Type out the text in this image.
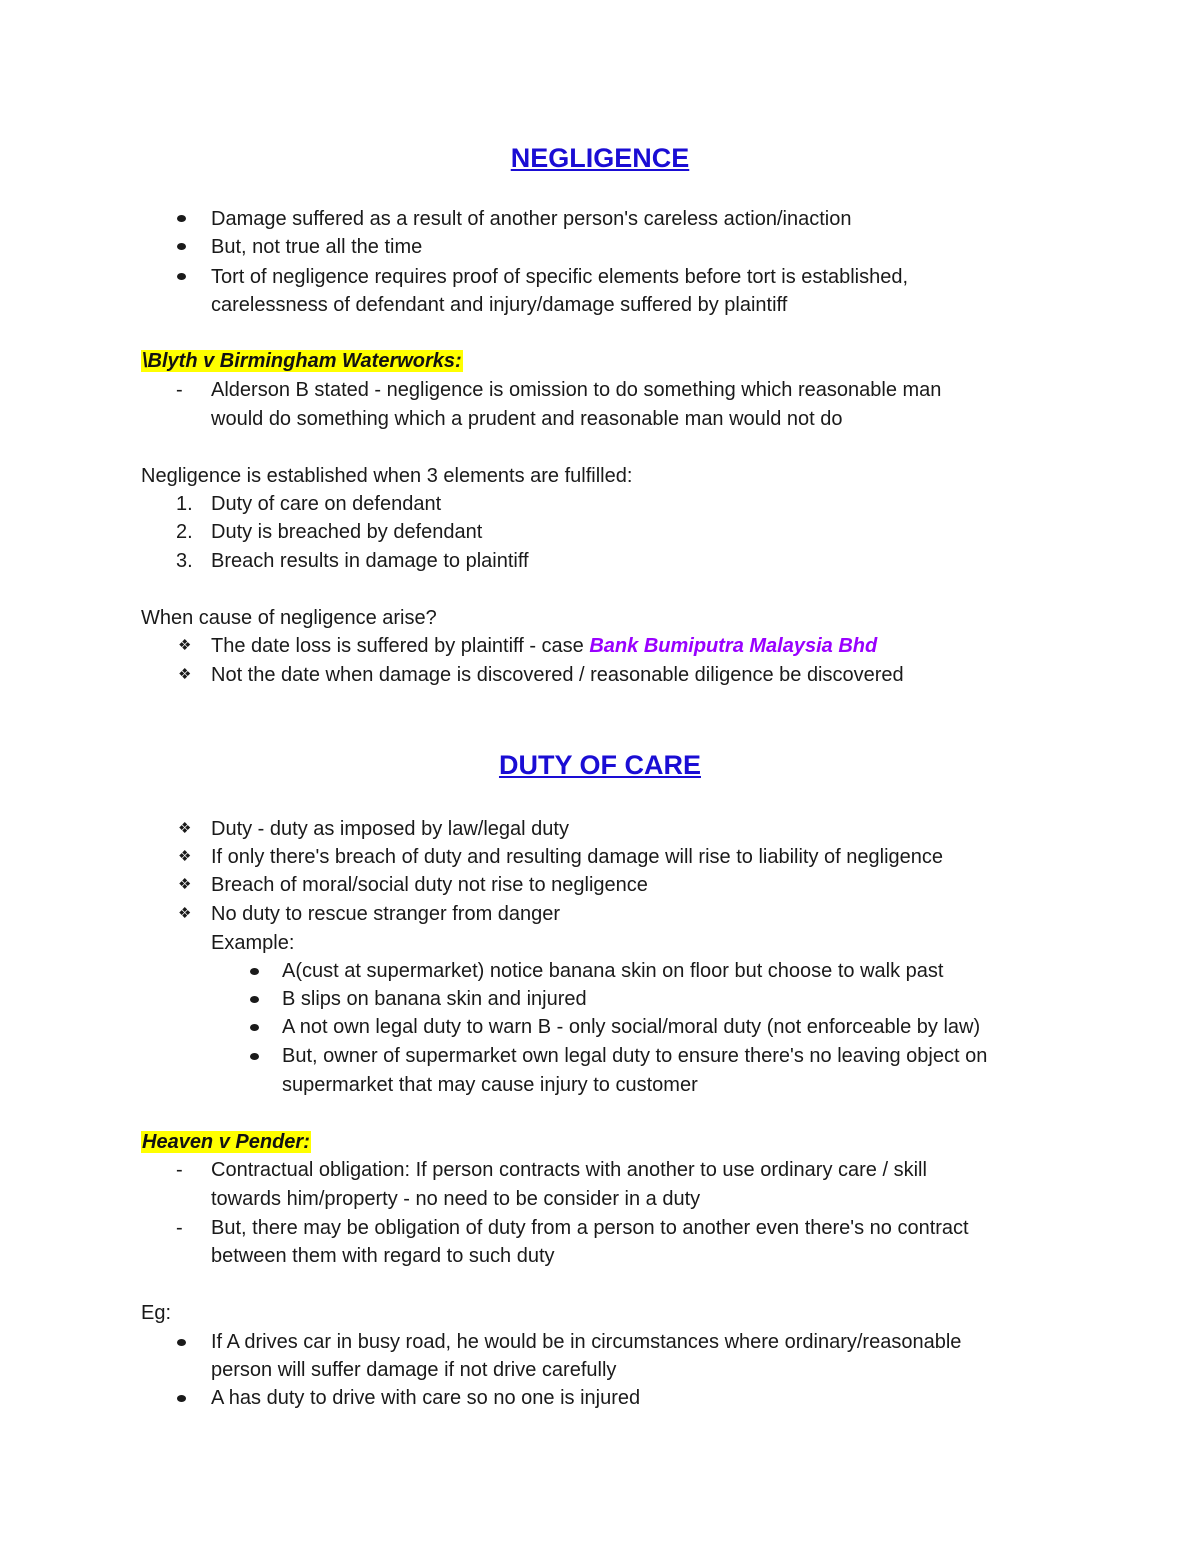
NEGLIGENCE
Damage suffered as a result of another person's careless action/inaction
But, not true all the time
Tort of negligence requires proof of specific elements before tort is established,
carelessness of defendant and injury/damage suffered by plaintiff
\Blyth v Birmingham Waterworks:
- Alderson B stated - negligence is omission to do something which reasonable man
would do something which a prudent and reasonable man would not do
Negligence is established when 3 elements are fulfilled:
1. Duty of care on defendant
2. Duty is breached by defendant
3. Breach results in damage to plaintiff
When cause of negligence arise?
❖ The date loss is suffered by plaintiff - case Bank Bumiputra Malaysia Bhd
❖ Not the date when damage is discovered / reasonable diligence be discovered
DUTY OF CARE
❖ Duty - duty as imposed by law/legal duty
❖ If only there's breach of duty and resulting damage will rise to liability of negligence
❖ Breach of moral/social duty not rise to negligence
❖ No duty to rescue stranger from danger
Example:
A(cust at supermarket) notice banana skin on floor but choose to walk past
B slips on banana skin and injured
A not own legal duty to warn B - only social/moral duty (not enforceable by law)
But, owner of supermarket own legal duty to ensure there's no leaving object on
supermarket that may cause injury to customer
Heaven v Pender:
- Contractual obligation: If person contracts with another to use ordinary care / skill
towards him/property - no need to be consider in a duty
- But, there may be obligation of duty from a person to another even there's no contract
between them with regard to such duty
Eg:
If A drives car in busy road, he would be in circumstances where ordinary/reasonable
person will suffer damage if not drive carefully
A has duty to drive with care so no one is injured
